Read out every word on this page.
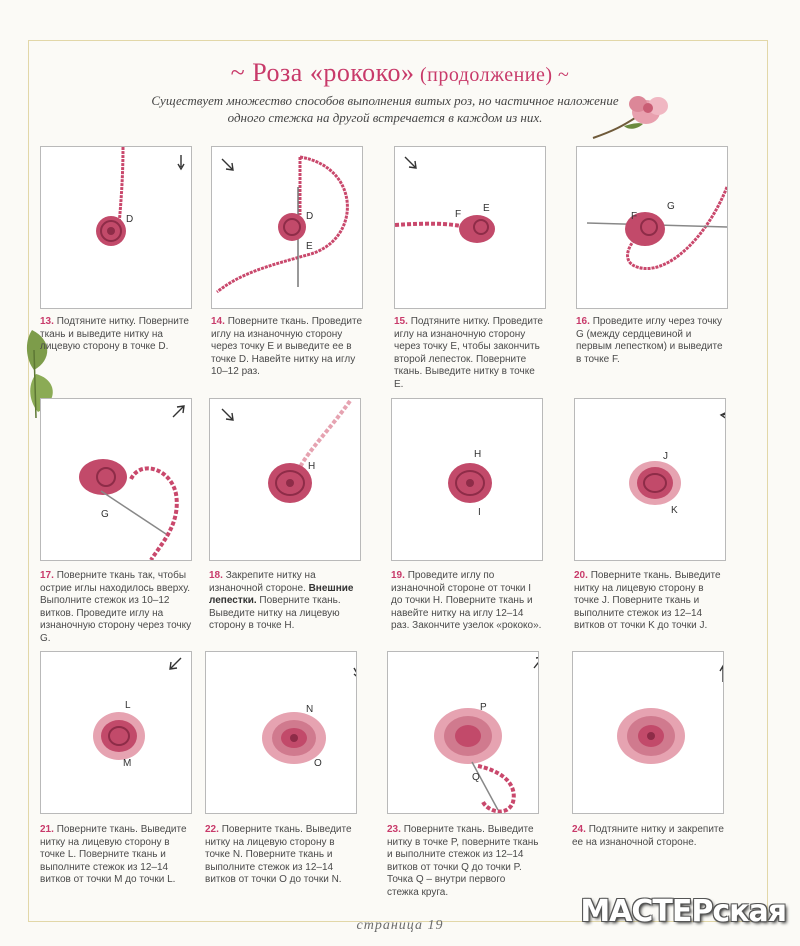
~ Роза «рококо» (продолжение) ~
Существует множество способов выполнения витых роз, но частичное наложение одного стежка на другой встречается в каждом из них.
D	D
E
F
E
F
G
13. Подтяните нитку. Поверните ткань и выведите нитку на лицевую сторону в точке D.
14. Поверните ткань. Проведите иглу на изнаночную сторону через точку E и выведите ее в точке D. Навейте нитку на иглу 10–12 раз.
15. Подтяните нитку. Проведите иглу на изнаночную сторону через точку E, чтобы закончить второй лепесток. Поверните ткань. Выведите нитку в точке E.
16. Проведите иглу через точку G (между сердцевиной и первым лепестком) и выведите в точке F.
G
H
H
I
J
K
17. Поверните ткань так, чтобы острие иглы находилось вверху. Выполните стежок из 10–12 витков. Проведите иглу на изнаночную сторону через точку G.
18. Закрепите нитку на изнаночной стороне. Внешние лепестки. Поверните ткань. Выведите нитку на лицевую сторону в точке H.
19. Проведите иглу по изнаночной стороне от точки I до точки H. Поверните ткань и навейте нитку на иглу 12–14 раз. Закончите узелок «рококо».
20. Поверните ткань. Выведите нитку на лицевую сторону в точке J. Поверните ткань и выполните стежок из 12–14 витков от точки K до точки J.
L
M
N
O
P
Q
21. Поверните ткань. Выведите нитку на лицевую сторону в точке L. Поверните ткань и выполните стежок из 12–14 витков от точки M до точки L.
22. Поверните ткань. Выведите нитку на лицевую сторону в точке N. Поверните ткань и выполните стежок из 12–14 витков от точки O до точки N.
23. Поверните ткань. Выведите нитку в точке P, поверните ткань и выполните стежок из 12–14 витков от точки Q до точки P. Точка Q – внутри первого стежка круга.
24. Подтяните нитку и закрепите ее на изнаночной стороне.
страница 19	МАСТЕРская
